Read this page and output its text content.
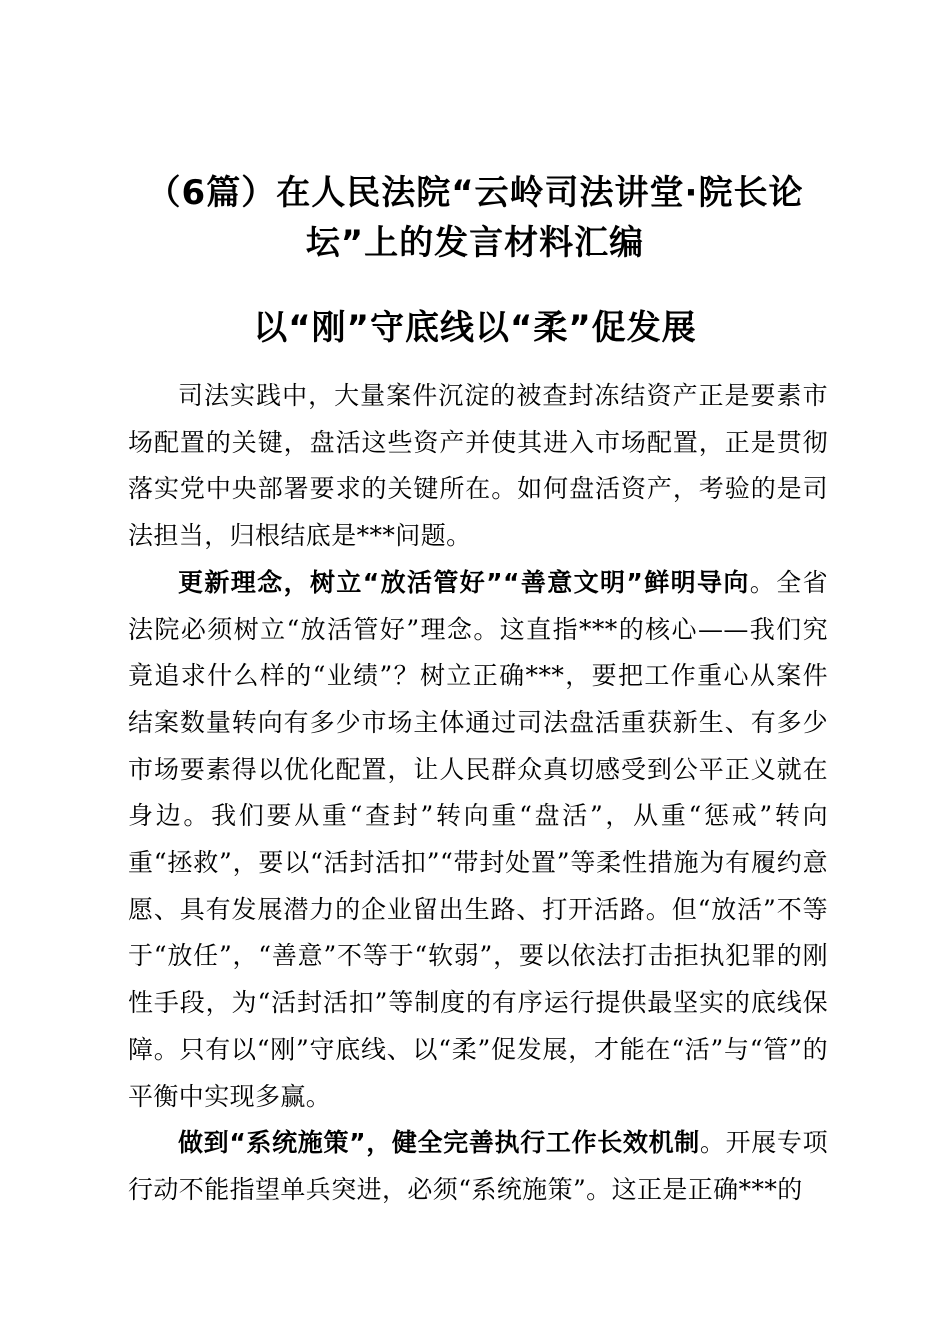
（6篇）在人民法院“云岭司法讲堂·院长论坛”上的发言材料汇编
以“刚”守底线以“柔”促发展

司法实践中，大量案件沉淀的被查封冻结资产正是要素市场配置的关键，盘活这些资产并使其进入市场配置，正是贯彻落实党中央部署要求的关键所在。如何盘活资产，考验的是司法担当，归根结底是***问题。

更新理念，树立“放活管好”“善意文明”鲜明导向。全省法院必须树立“放活管好”理念。这直指***的核心——我们究竟追求什么样的“业绩”？树立正确***，要把工作重心从案件结案数量转向有多少市场主体通过司法盘活重获新生、有多少市场要素得以优化配置，让人民群众真切感受到公平正义就在身边。我们要从重“查封”转向重“盘活”，从重“惩戒”转向重“拯救”，要以“活封活扣”“带封处置”等柔性措施为有履约意愿、具有发展潜力的企业留出生路、打开活路。但“放活”不等于“放任”，“善意”不等于“软弱”，要以依法打击拒执犯罪的刚性手段，为“活封活扣”等制度的有序运行提供最坚实的底线保障。只有以“刚”守底线、以“柔”促发展，才能在“活”与“管”的平衡中实现多赢。

做到“系统施策”，健全完善执行工作长效机制。开展专项行动不能指望单兵突进，必须“系统施策”。这正是正确***的
